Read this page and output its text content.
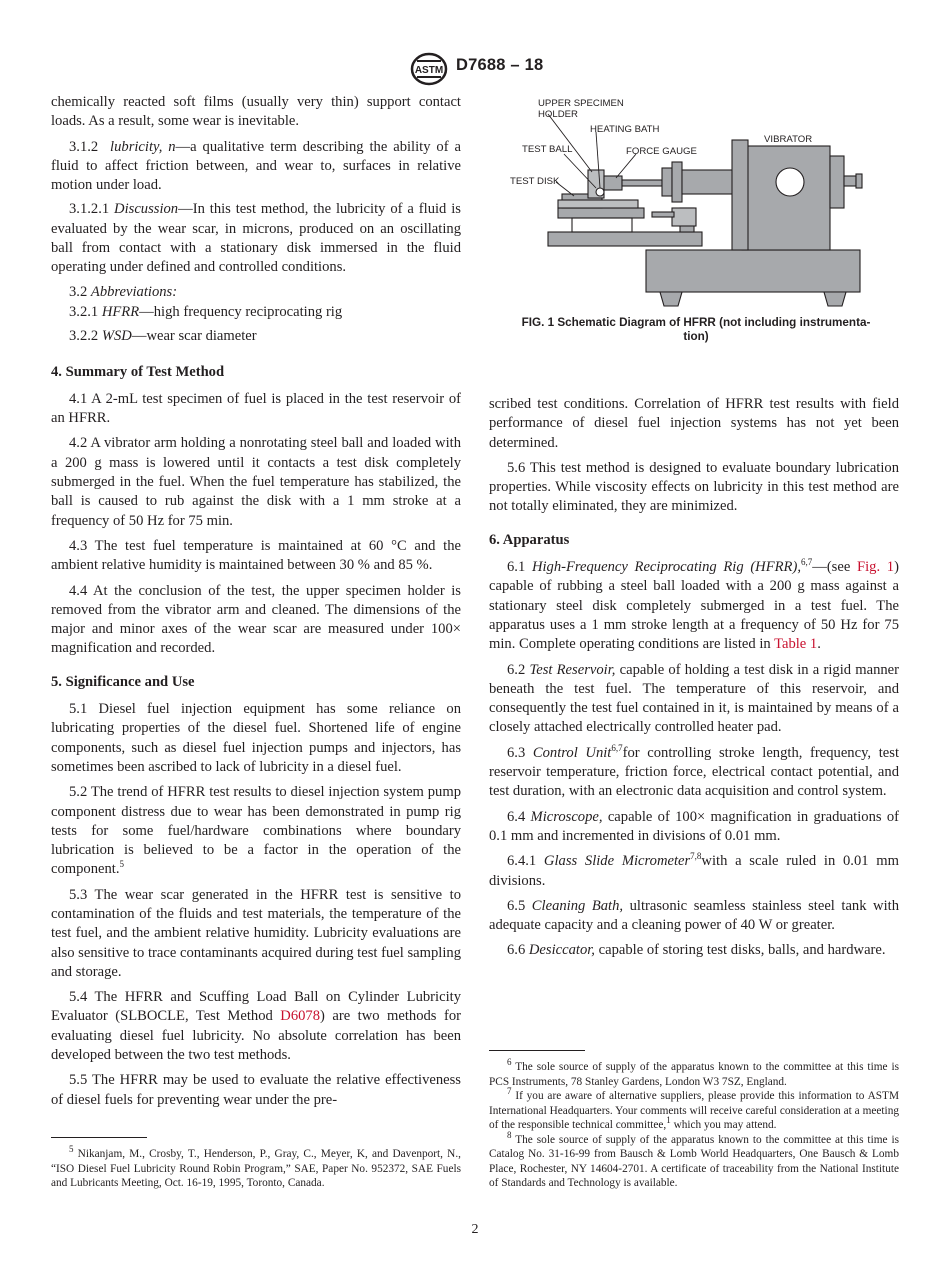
ASTM D7688 – 18

chemically reacted soft films (usually very thin) support contact loads. As a result, some wear is inevitable.

3.1.2 lubricity, n—a qualitative term describing the ability of a fluid to affect friction between, and wear to, surfaces in relative motion under load.

3.1.2.1 Discussion—In this test method, the lubricity of a fluid is evaluated by the wear scar, in microns, produced on an oscillating ball from contact with a stationary disk immersed in the fluid operating under defined and controlled conditions.

3.2 Abbreviations:

3.2.1 HFRR—high frequency reciprocating rig

3.2.2 WSD—wear scar diameter

4. Summary of Test Method

4.1 A 2-mL test specimen of fuel is placed in the test reservoir of an HFRR.

4.2 A vibrator arm holding a nonrotating steel ball and loaded with a 200 g mass is lowered until it contacts a test disk completely submerged in the fuel. When the fuel temperature has stabilized, the ball is caused to rub against the disk with a 1 mm stroke at a frequency of 50 Hz for 75 min.

4.3 The test fuel temperature is maintained at 60 °C and the ambient relative humidity is maintained between 30 % and 85 %.

4.4 At the conclusion of the test, the upper specimen holder is removed from the vibrator arm and cleaned. The dimensions of the major and minor axes of the wear scar are measured under 100× magnification and recorded.

5. Significance and Use

5.1 Diesel fuel injection equipment has some reliance on lubricating properties of the diesel fuel. Shortened life of engine components, such as diesel fuel injection pumps and injectors, has sometimes been ascribed to lack of lubricity in a diesel fuel.

5.2 The trend of HFRR test results to diesel injection system pump component distress due to wear has been demonstrated in pump rig tests for some fuel/hardware combinations where boundary lubrication is believed to be a factor in the operation of the component.$^5$

5.3 The wear scar generated in the HFRR test is sensitive to contamination of the fluids and test materials, the temperature of the test fuel, and the ambient relative humidity. Lubricity evaluations are also sensitive to trace contaminants acquired during test fuel sampling and storage.

5.4 The HFRR and Scuffing Load Ball on Cylinder Lubricity Evaluator (SLBOCLE, Test Method D6078) are two methods for evaluating diesel fuel lubricity. No absolute correlation has been developed between the two test methods.

5.5 The HFRR may be used to evaluate the relative effectiveness of diesel fuels for preventing wear under the pre-

$^5$ Nikanjam, M., Crosby, T., Henderson, P., Gray, C., Meyer, K, and Davenport, N., “ISO Diesel Fuel Lubricity Round Robin Program,” SAE, Paper No. 952372, SAE Fuels and Lubricants Meeting, Oct. 16-19, 1995, Toronto, Canada.

UPPER SPECIMEN
HOLDER
HEATING BATH
VIBRATOR
TEST BALL	FORCE GAUGE
TEST DISK
FIG. 1 Schematic Diagram of HFRR (not including instrumenta-
tion)

scribed test conditions. Correlation of HFRR test results with field performance of diesel fuel injection systems has not yet been determined.

5.6 This test method is designed to evaluate boundary lubrication properties. While viscosity effects on lubricity in this test method are not totally eliminated, they are minimized.

6. Apparatus

6.1 High-Frequency Reciprocating Rig (HFRR),$^{6,7}$—(see Fig. 1) capable of rubbing a steel ball loaded with a 200 g mass against a stationary steel disk completely submerged in a test fuel. The apparatus uses a 1 mm stroke length at a frequency of 50 Hz for 75 min. Complete operating conditions are listed in Table 1.

6.2 Test Reservoir, capable of holding a test disk in a rigid manner beneath the test fuel. The temperature of this reservoir, and consequently the test fuel contained in it, is maintained by means of a closely attached electrically controlled heater pad.

6.3 Control Unit$^{6,7}$for controlling stroke length, frequency, test reservoir temperature, friction force, electrical contact potential, and test duration, with an electronic data acquisition and control system.

6.4 Microscope, capable of 100× magnification in graduations of 0.1 mm and incremented in divisions of 0.01 mm.

6.4.1 Glass Slide Micrometer$^{7,8}$with a scale ruled in 0.01 mm divisions.

6.5 Cleaning Bath, ultrasonic seamless stainless steel tank with adequate capacity and a cleaning power of 40 W or greater.

6.6 Desiccator, capable of storing test disks, balls, and hardware.

$^6$ The sole source of supply of the apparatus known to the committee at this time is PCS Instruments, 78 Stanley Gardens, London W3 7SZ, England.

$^7$ If you are aware of alternative suppliers, please provide this information to ASTM International Headquarters. Your comments will receive careful consideration at a meeting of the responsible technical committee,$^1$ which you may attend.

$^8$ The sole source of supply of the apparatus known to the committee at this time is Catalog No. 31-16-99 from Bausch & Lomb World Headquarters, One Bausch & Lomb Place, Rochester, NY 14604-2701. A certificate of traceability from the National Institute of Standards and Technology is available.

2
